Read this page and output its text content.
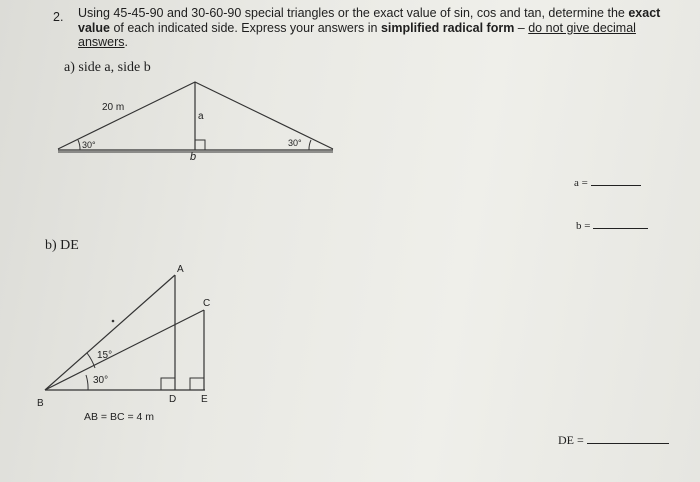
2. Using 45-45-90 and 30-60-90 special triangles or the exact value of sin, cos and tan, determine the exact value of each indicated side. Express your answers in simplified radical form – do not give decimal answers.
a) side a, side b
20 m
a
b
30°	30°
A
B
C
D E
15°
30°
AB = BC = 4 m
b) DE
a =
b =
DE =
